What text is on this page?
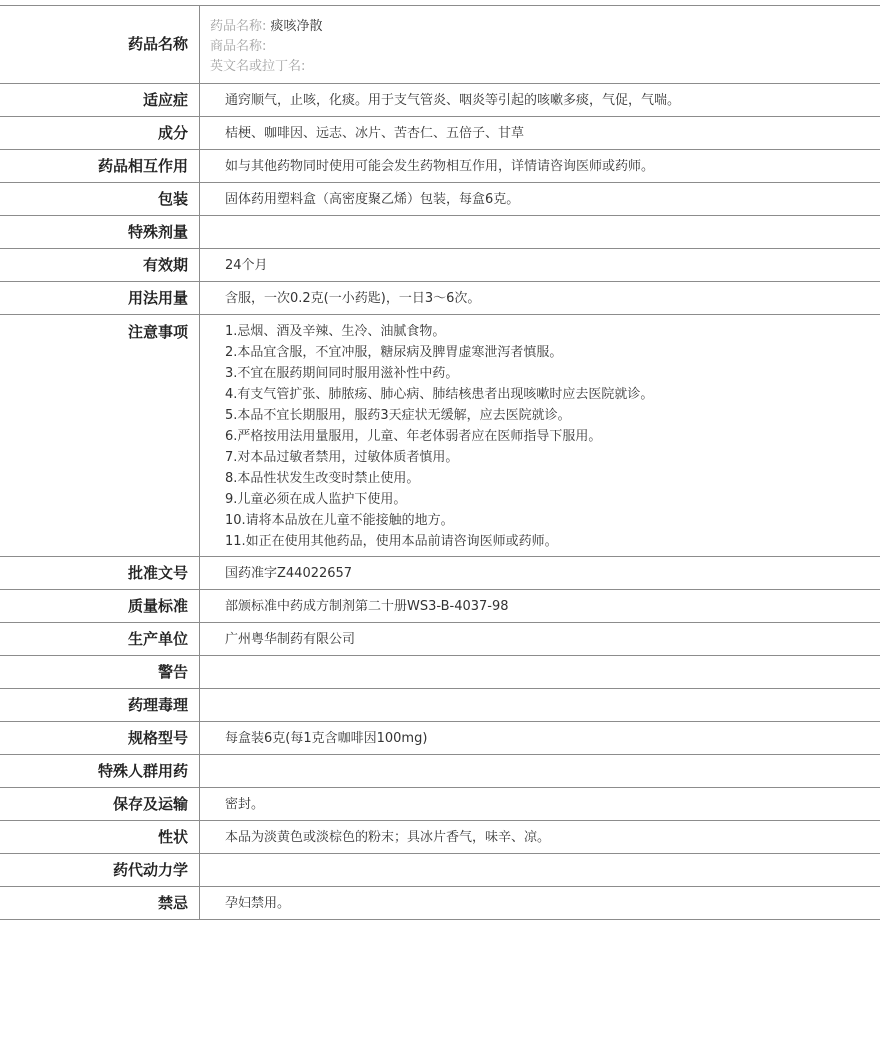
药品名称
药品名称: 痰咳净散
商品名称:
英文名或拉丁名:
适应症	通窍顺气，止咳，化痰。用于支气管炎、咽炎等引起的咳嗽多痰，气促，气喘。
成分	桔梗、咖啡因、远志、冰片、苦杏仁、五倍子、甘草
药品相互作用	如与其他药物同时使用可能会发生药物相互作用，详情请咨询医师或药师。
包装	固体药用塑料盒（高密度聚乙烯）包装，每盒6克。
特殊剂量
有效期	24个月
用法用量	含服，一次0.2克(一小药匙)，一日3～6次。
注意事项	1.忌烟、酒及辛辣、生冷、油腻食物。
2.本品宜含服，不宜冲服，糖尿病及脾胃虚寒泄泻者慎服。
3.不宜在服药期间同时服用滋补性中药。
4.有支气管扩张、肺脓疡、肺心病、肺结核患者出现咳嗽时应去医院就诊。
5.本品不宜长期服用，服药3天症状无缓解，应去医院就诊。
6.严格按用法用量服用，儿童、年老体弱者应在医师指导下服用。
7.对本品过敏者禁用，过敏体质者慎用。
8.本品性状发生改变时禁止使用。
9.儿童必须在成人监护下使用。
10.请将本品放在儿童不能接触的地方。
11.如正在使用其他药品，使用本品前请咨询医师或药师。
批准文号	国药准字Z44022657
质量标准	部颁标准中药成方制剂第二十册WS3-B-4037-98
生产单位	广州粤华制药有限公司
警告
药理毒理
规格型号	每盒装6克(每1克含咖啡因100mg)
特殊人群用药
保存及运输	密封。
性状	本品为淡黄色或淡棕色的粉末；具冰片香气，味辛、凉。
药代动力学
禁忌	孕妇禁用。
